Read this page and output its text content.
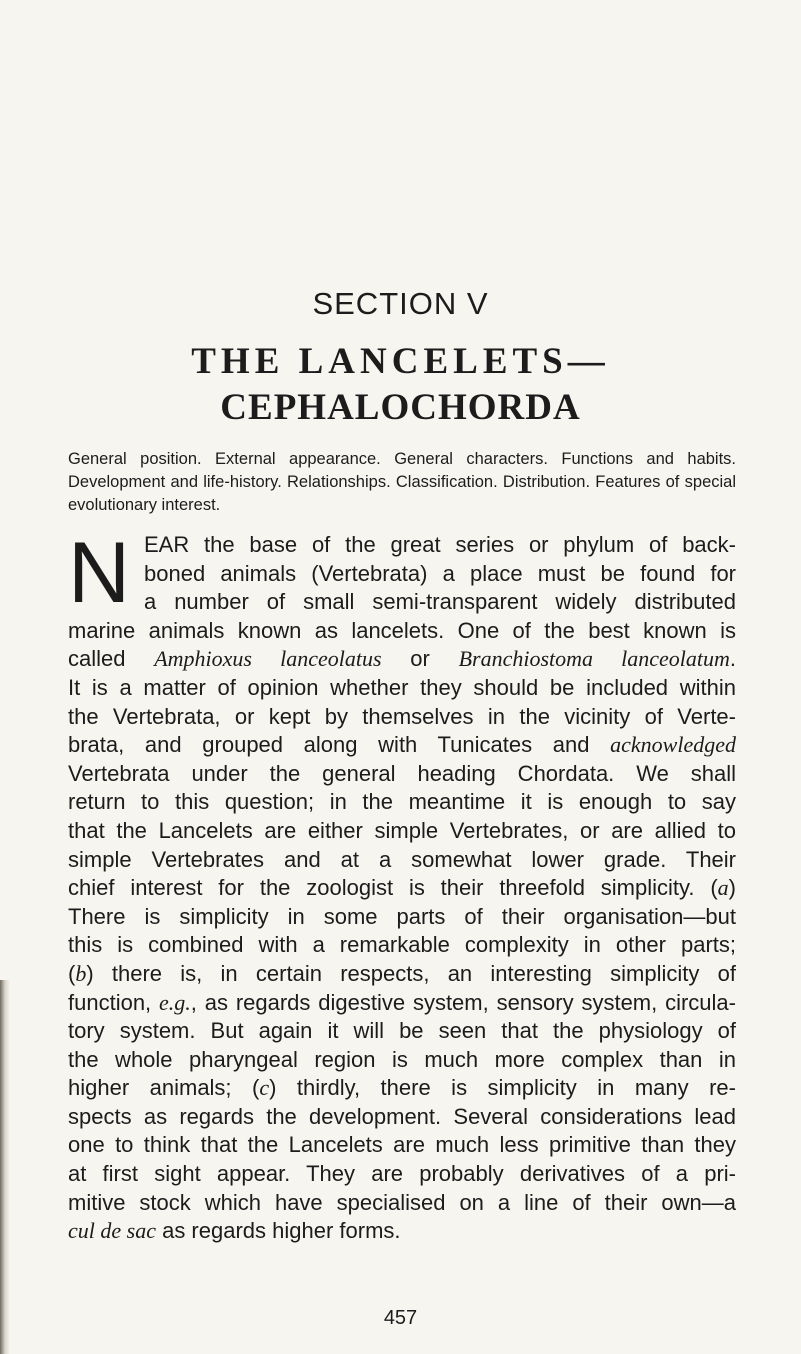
SECTION V
THE LANCELETS—
CEPHALOCHORDA
General position. External appearance. General characters. Functions and habits. Development and life-history. Relationships. Classification. Distribution. Features of special evolutionary interest.
N EAR the base of the great series or phylum of back-
boned animals (Vertebrata) a place must be found for
a number of small semi-transparent widely distributed
marine animals known as lancelets. One of the best known is
called Amphioxus lanceolatus or Branchiostoma lanceolatum.
It is a matter of opinion whether they should be included within
the Vertebrata, or kept by themselves in the vicinity of Verte-
brata, and grouped along with Tunicates and acknowledged
Vertebrata under the general heading Chordata. We shall
return to this question; in the meantime it is enough to say
that the Lancelets are either simple Vertebrates, or are allied to
simple Vertebrates and at a somewhat lower grade. Their
chief interest for the zoologist is their threefold simplicity. (a)
There is simplicity in some parts of their organisation—but
this is combined with a remarkable complexity in other parts;
(b) there is, in certain respects, an interesting simplicity of
function, e.g., as regards digestive system, sensory system, circula-
tory system. But again it will be seen that the physiology of
the whole pharyngeal region is much more complex than in
higher animals; (c) thirdly, there is simplicity in many re-
spects as regards the development. Several considerations lead
one to think that the Lancelets are much less primitive than they
at first sight appear. They are probably derivatives of a pri-
mitive stock which have specialised on a line of their own—a
cul de sac as regards higher forms.
457
